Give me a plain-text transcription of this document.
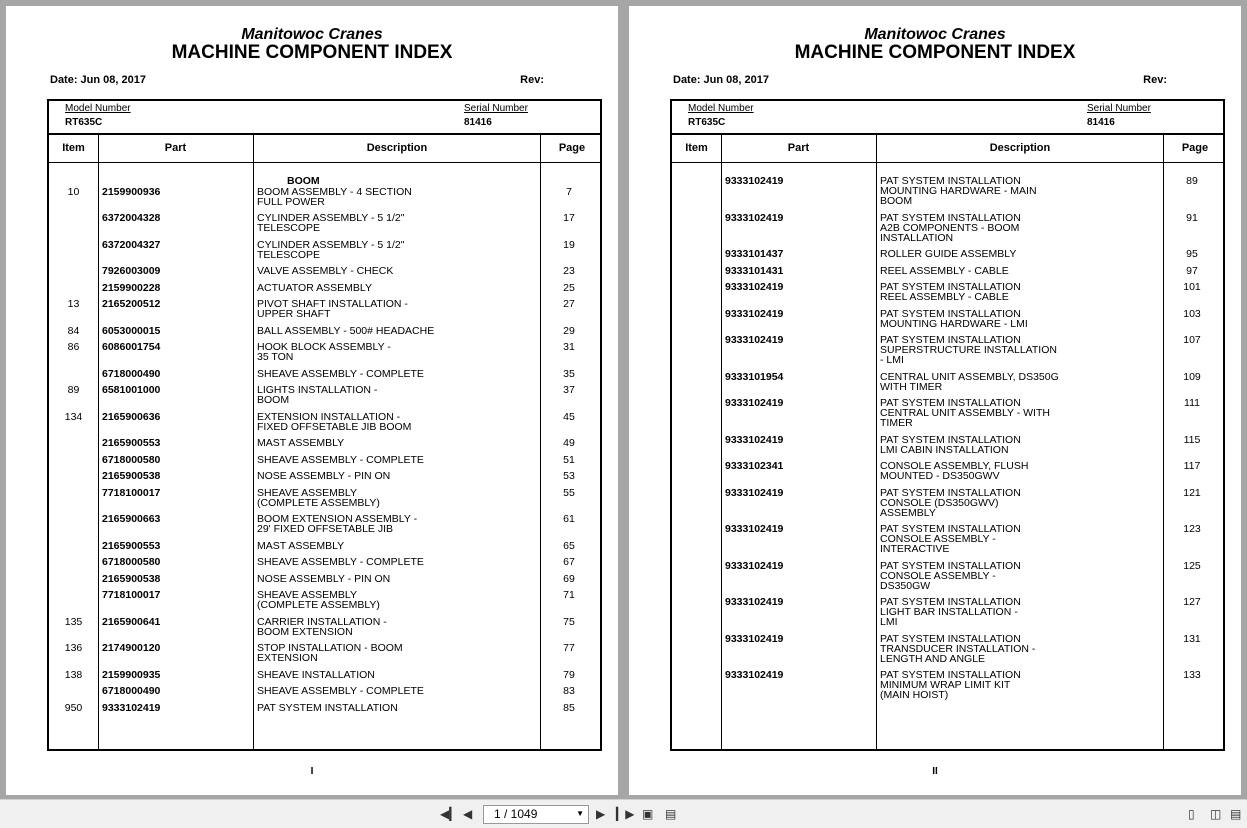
Manitowoc Cranes
MACHINE COMPONENT INDEX
Date: Jun 08, 2017	Rev:
Model Number
RT635C
Serial Number
81416
Item	Part	Description	Page
BOOM
10	2159900936	BOOM ASSEMBLY - 4 SECTION
FULL POWER
7
6372004328	CYLINDER ASSEMBLY - 5 1/2"
TELESCOPE
17
6372004327	CYLINDER ASSEMBLY - 5 1/2"
TELESCOPE
19
7926003009	VALVE ASSEMBLY - CHECK	23
2159900228	ACTUATOR ASSEMBLY	25
13	2165200512	PIVOT SHAFT INSTALLATION -
UPPER SHAFT
27
84	6053000015	BALL ASSEMBLY - 500# HEADACHE	29
86	6086001754	HOOK BLOCK ASSEMBLY -
35 TON
31
6718000490	SHEAVE ASSEMBLY - COMPLETE	35
89	6581001000	LIGHTS INSTALLATION -
BOOM
37
134	2165900636	EXTENSION INSTALLATION -
FIXED OFFSETABLE JIB BOOM
45
2165900553	MAST ASSEMBLY	49
6718000580	SHEAVE ASSEMBLY - COMPLETE	51
2165900538	NOSE ASSEMBLY - PIN ON	53
7718100017	SHEAVE ASSEMBLY
(COMPLETE ASSEMBLY)
55
2165900663	BOOM EXTENSION ASSEMBLY -
29' FIXED OFFSETABLE JIB
61
2165900553	MAST ASSEMBLY	65
6718000580	SHEAVE ASSEMBLY - COMPLETE	67
2165900538	NOSE ASSEMBLY - PIN ON	69
7718100017	SHEAVE ASSEMBLY
(COMPLETE ASSEMBLY)
71
135	2165900641	CARRIER INSTALLATION -
BOOM EXTENSION
75
136	2174900120	STOP INSTALLATION - BOOM
EXTENSION
77
138	2159900935	SHEAVE INSTALLATION	79
6718000490	SHEAVE ASSEMBLY - COMPLETE	83
950	9333102419	PAT SYSTEM INSTALLATION	85
I
Manitowoc Cranes
MACHINE COMPONENT INDEX
Date: Jun 08, 2017	Rev:
Model Number
RT635C
Serial Number
81416
Item	Part	Description	Page
9333102419	PAT SYSTEM INSTALLATION
MOUNTING HARDWARE - MAIN
BOOM
89
9333102419	PAT SYSTEM INSTALLATION
A2B COMPONENTS - BOOM
INSTALLATION
91
9333101437	ROLLER GUIDE ASSEMBLY	95
9333101431	REEL ASSEMBLY - CABLE	97
9333102419	PAT SYSTEM INSTALLATION
REEL ASSEMBLY - CABLE
101
9333102419	PAT SYSTEM INSTALLATION
MOUNTING HARDWARE - LMI
103
9333102419	PAT SYSTEM INSTALLATION
SUPERSTRUCTURE INSTALLATION
- LMI
107
9333101954	CENTRAL UNIT ASSEMBLY, DS350G
WITH TIMER
109
9333102419	PAT SYSTEM INSTALLATION
CENTRAL UNIT ASSEMBLY - WITH
TIMER
111
9333102419	PAT SYSTEM INSTALLATION
LMI CABIN INSTALLATION
115
9333102341	CONSOLE ASSEMBLY, FLUSH
MOUNTED - DS350GWV
117
9333102419	PAT SYSTEM INSTALLATION
CONSOLE (DS350GWV)
ASSEMBLY
121
9333102419	PAT SYSTEM INSTALLATION
CONSOLE ASSEMBLY -
INTERACTIVE
123
9333102419	PAT SYSTEM INSTALLATION
CONSOLE ASSEMBLY -
DS350GW
125
9333102419	PAT SYSTEM INSTALLATION
LIGHT BAR INSTALLATION -
LMI
127
9333102419	PAT SYSTEM INSTALLATION
TRANSDUCER INSTALLATION -
LENGTH AND ANGLE
131
9333102419	PAT SYSTEM INSTALLATION
MINIMUM WRAP LIMIT KIT
(MAIN HOIST)
133
II
◀▎ ◀ 1 / 1049	▼ ▶ ▎▶ ▣ ▤	▯ ◫ ▤
